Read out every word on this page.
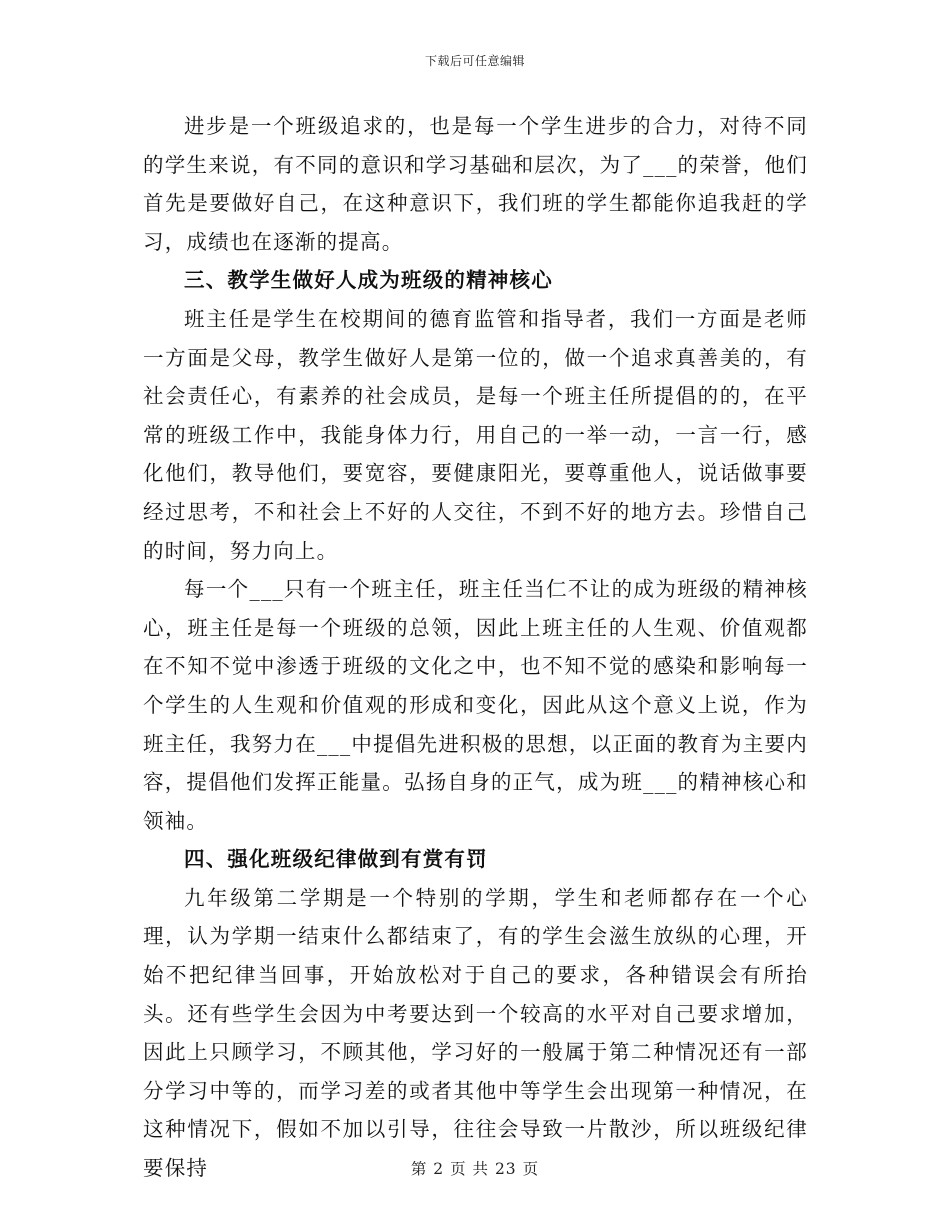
下载后可任意编辑

进步是一个班级追求的，也是每一个学生进步的合力，对待不同的学生来说，有不同的意识和学习基础和层次，为了___的荣誉，他们首先是要做好自己，在这种意识下，我们班的学生都能你追我赶的学习，成绩也在逐渐的提高。

三、教学生做好人成为班级的精神核心

班主任是学生在校期间的德育监管和指导者，我们一方面是老师一方面是父母，教学生做好人是第一位的，做一个追求真善美的，有社会责任心，有素养的社会成员，是每一个班主任所提倡的的，在平常的班级工作中，我能身体力行，用自己的一举一动，一言一行，感化他们，教导他们，要宽容，要健康阳光，要尊重他人，说话做事要经过思考，不和社会上不好的人交往，不到不好的地方去。珍惜自己的时间，努力向上。

每一个___只有一个班主任，班主任当仁不让的成为班级的精神核心，班主任是每一个班级的总领，因此上班主任的人生观、价值观都在不知不觉中渗透于班级的文化之中，也不知不觉的感染和影响每一个学生的人生观和价值观的形成和变化，因此从这个意义上说，作为班主任，我努力在___中提倡先进积极的思想，以正面的教育为主要内容，提倡他们发挥正能量。弘扬自身的正气，成为班___的精神核心和领袖。

四、强化班级纪律做到有赏有罚

九年级第二学期是一个特别的学期，学生和老师都存在一个心理，认为学期一结束什么都结束了，有的学生会滋生放纵的心理，开始不把纪律当回事，开始放松对于自己的要求，各种错误会有所抬头。还有些学生会因为中考要达到一个较高的水平对自己要求增加，因此上只顾学习，不顾其他，学习好的一般属于第二种情况还有一部分学习中等的，而学习差的或者其他中等学生会出现第一种情况，在这种情况下，假如不加以引导，往往会导致一片散沙，所以班级纪律要保持	第 2 页 共 23 页
